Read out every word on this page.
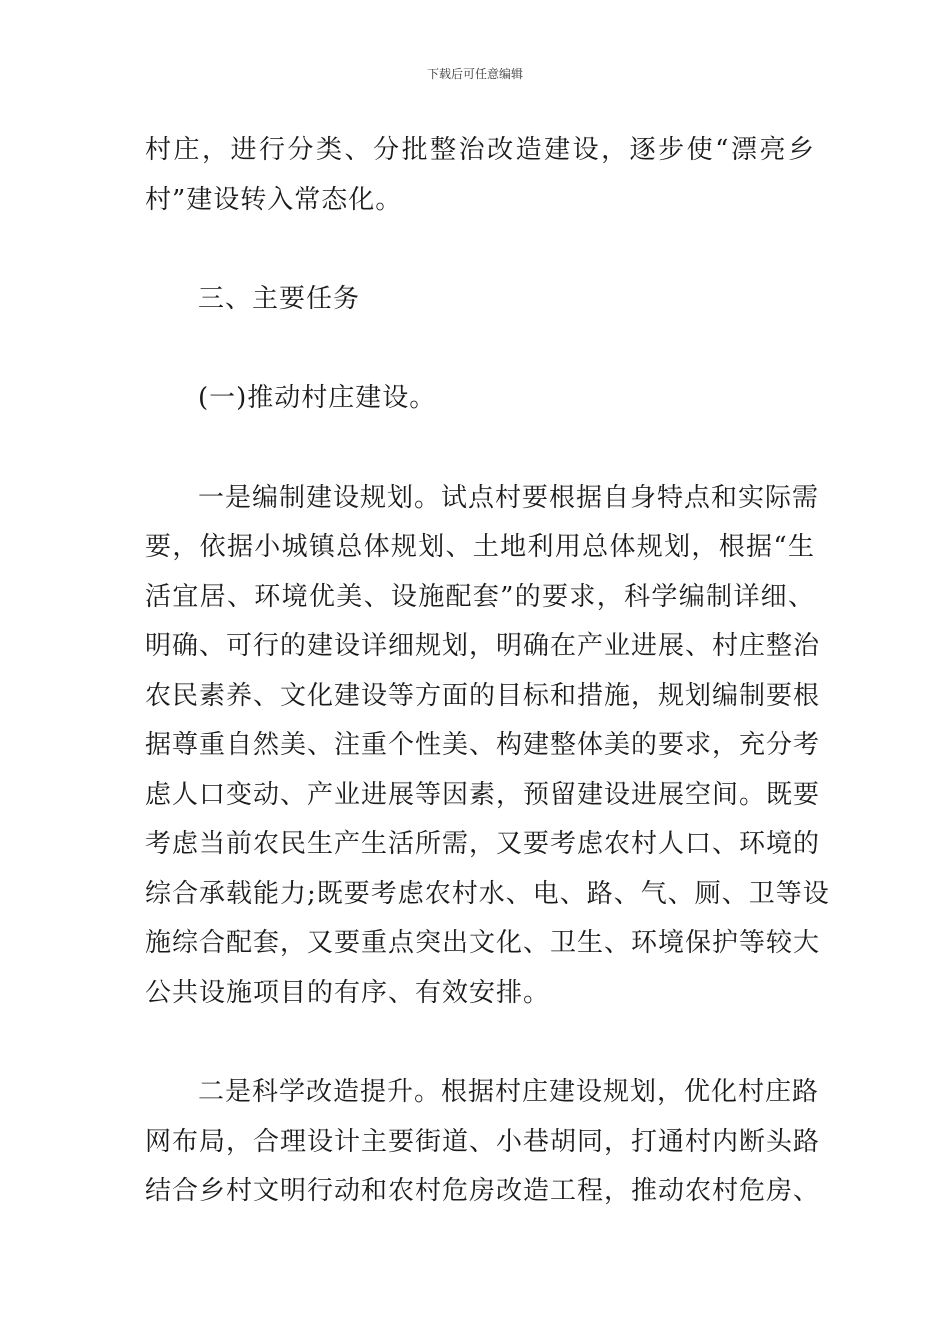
下载后可任意编辑
村庄，进行分类、分批整治改造建设，逐步使“漂亮乡
村”建设转入常态化。
三、主要任务
(一)推动村庄建设。
一是编制建设规划。试点村要根据自身特点和实际需
要，依据小城镇总体规划、土地利用总体规划，根据“生
活宜居、环境优美、设施配套”的要求，科学编制详细、
明确、可行的建设详细规划，明确在产业进展、村庄整治
农民素养、文化建设等方面的目标和措施，规划编制要根
据尊重自然美、注重个性美、构建整体美的要求，充分考
虑人口变动、产业进展等因素，预留建设进展空间。既要
考虑当前农民生产生活所需，又要考虑农村人口、环境的
综合承载能力;既要考虑农村水、电、路、气、厕、卫等设
施综合配套，又要重点突出文化、卫生、环境保护等较大
公共设施项目的有序、有效安排。
二是科学改造提升。根据村庄建设规划，优化村庄路
网布局，合理设计主要街道、小巷胡同，打通村内断头路
结合乡村文明行动和农村危房改造工程，推动农村危房、
